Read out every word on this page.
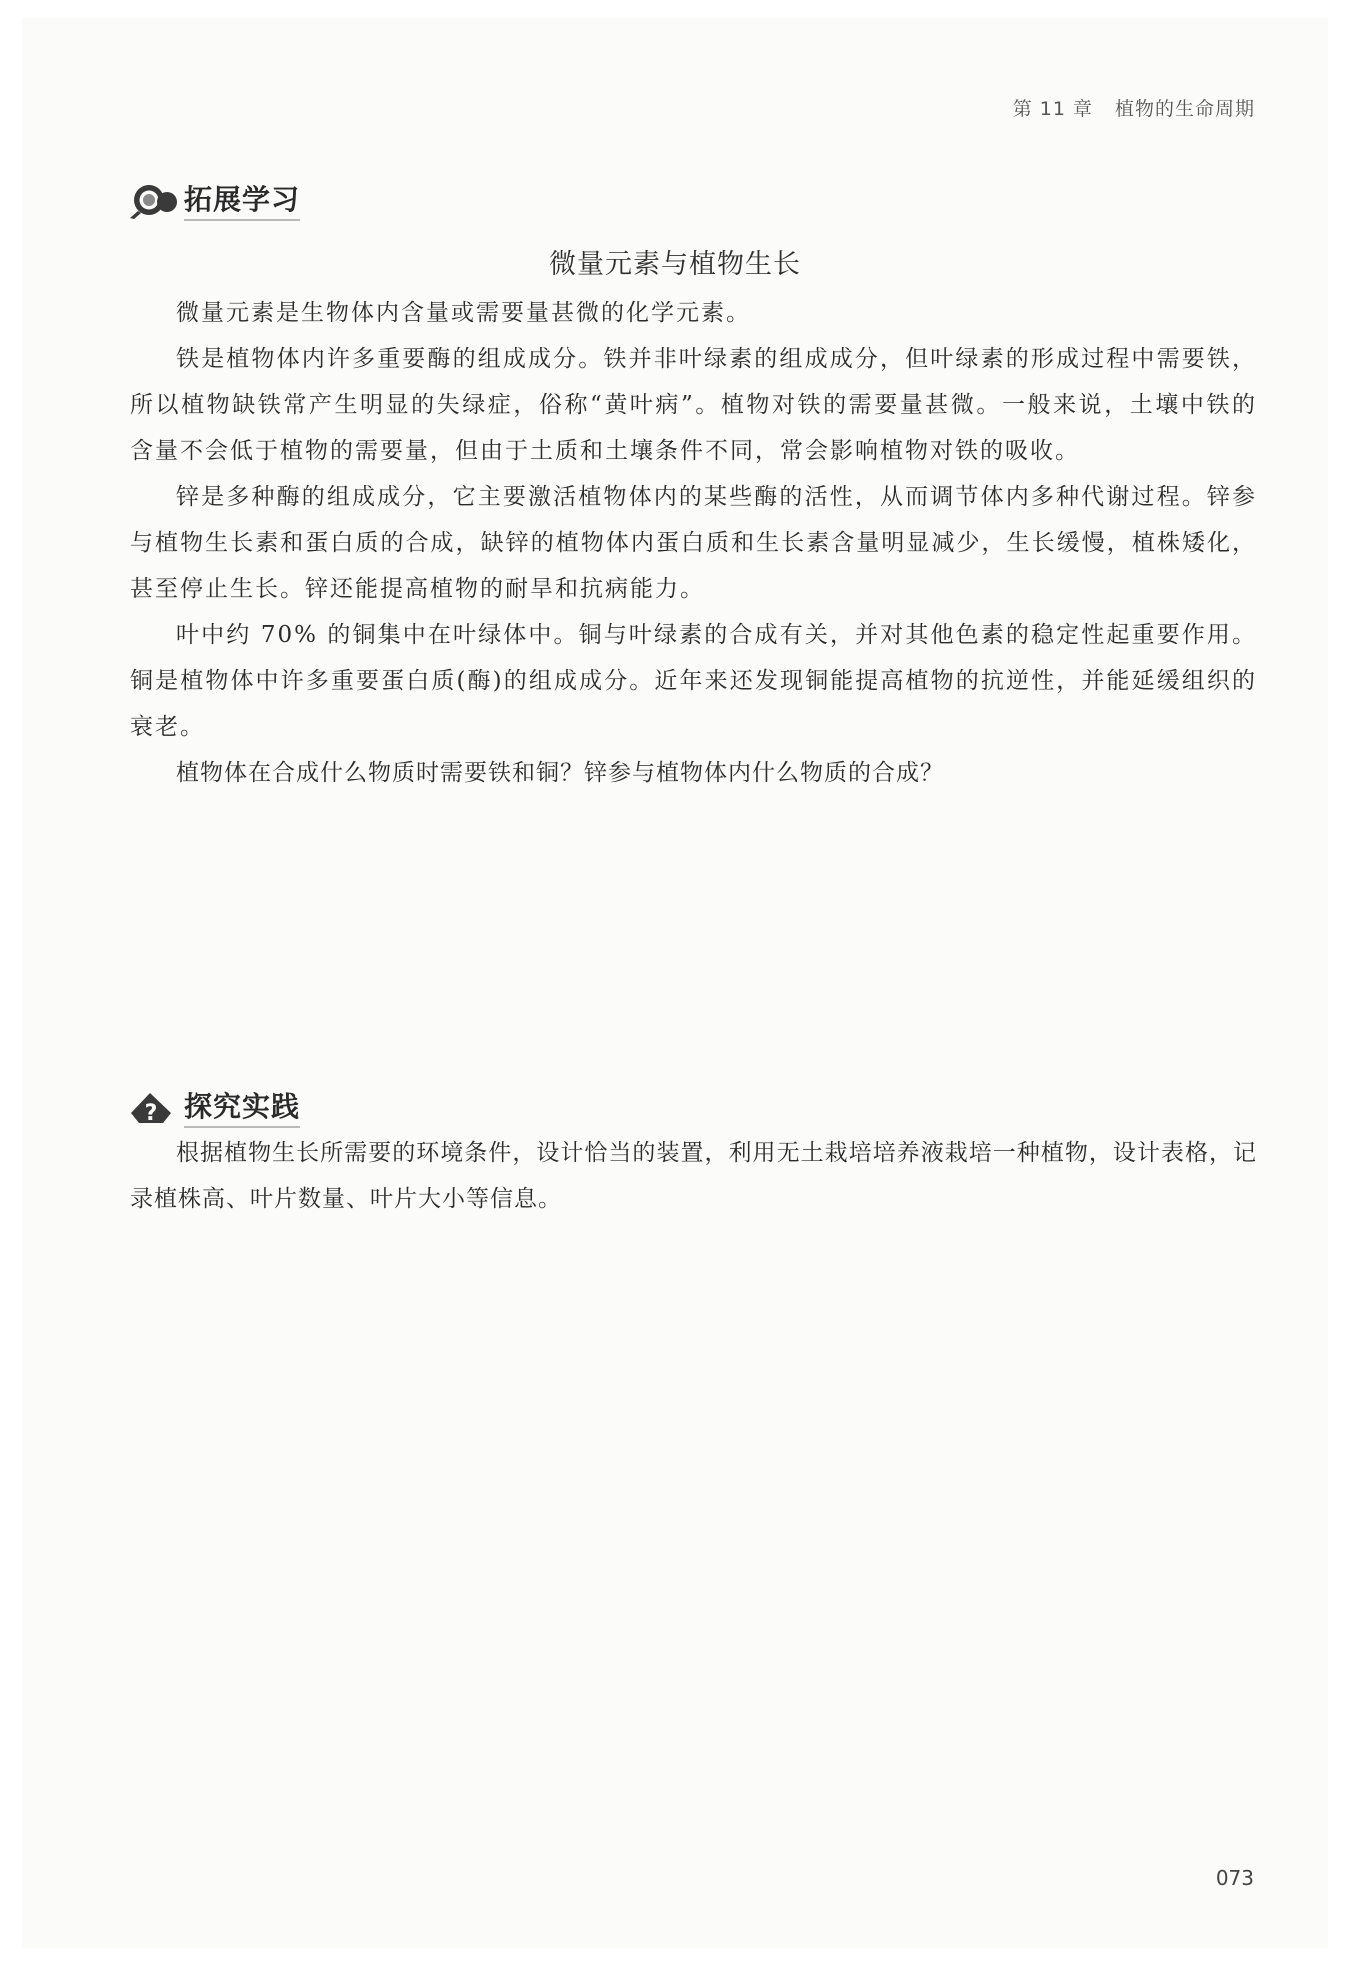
第 11 章 植物的生命周期
拓展学习
微量元素与植物生长

微量元素是生物体内含量或需要量甚微的化学元素。

铁是植物体内许多重要酶的组成成分。铁并非叶绿素的组成成分，但叶绿素的形成过程中需要铁，所以植物缺铁常产生明显的失绿症，俗称“黄叶病”。植物对铁的需要量甚微。一般来说，土壤中铁的含量不会低于植物的需要量，但由于土质和土壤条件不同，常会影响植物对铁的吸收。

锌是多种酶的组成成分，它主要激活植物体内的某些酶的活性，从而调节体内多种代谢过程。锌参与植物生长素和蛋白质的合成，缺锌的植物体内蛋白质和生长素含量明显减少，生长缓慢，植株矮化，甚至停止生长。锌还能提高植物的耐旱和抗病能力。

叶中约 70% 的铜集中在叶绿体中。铜与叶绿素的合成有关，并对其他色素的稳定性起重要作用。铜是植物体中许多重要蛋白质(酶)的组成成分。近年来还发现铜能提高植物的抗逆性，并能延缓组织的衰老。

植物体在合成什么物质时需要铁和铜？锌参与植物体内什么物质的合成？

? 探究实践

根据植物生长所需要的环境条件，设计恰当的装置，利用无土栽培培养液栽培一种植物，设计表格，记录植株高、叶片数量、叶片大小等信息。

073
